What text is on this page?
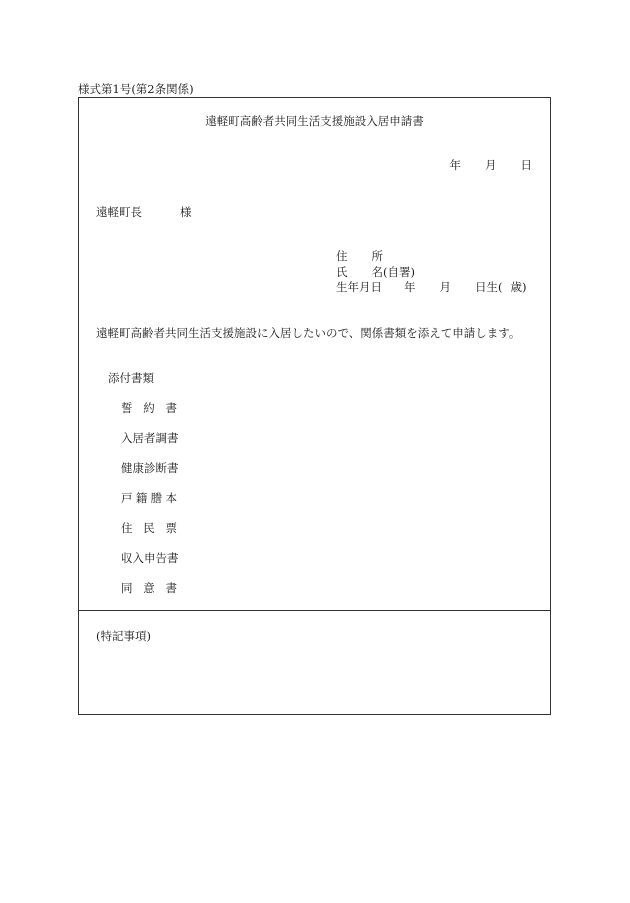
様式第1号(第2条関係)
遠軽町高齢者共同生活支援施設入居申請書
年 月 日
遠軽町長	様
住 所
氏 名(自署)
生年月日 年 月 日生( 歳)
遠軽町高齢者共同生活支援施設に入居したいので、関係書類を添えて申請します。
添付書類
誓 約 書
入居者調書
健康診断書
戸 籍 謄 本
住 民 票
収入申告書
同 意 書
(特記事項)
